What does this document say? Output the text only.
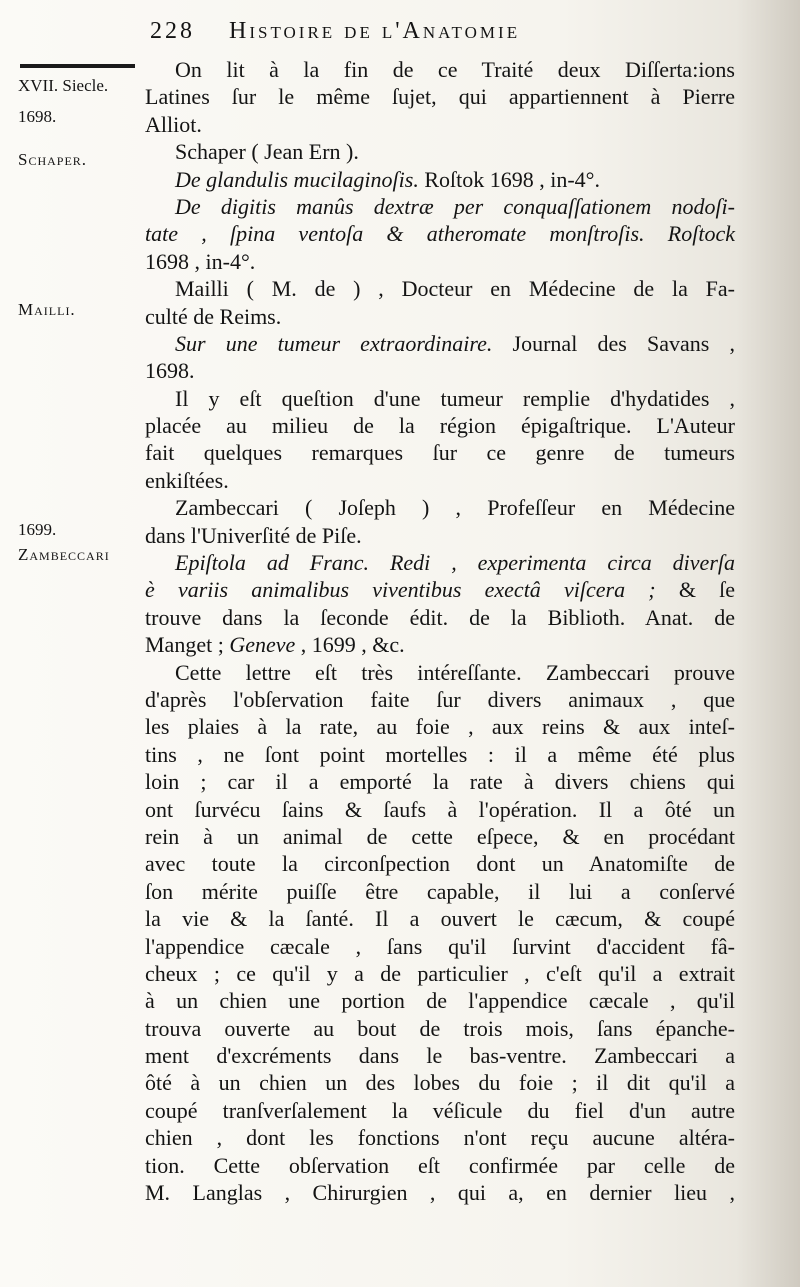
228 Histoire de l'Anatomie
XVII. Siecle.
1698.
Schaper.
Mailli.
1699.
Zambeccari
On lit à la fin de ce Traité deux Diſſerta:ions
Latines ſur le même ſujet, qui appartiennent à Pierre
Alliot.
Schaper ( Jean Ern ).
De glandulis mucilaginoſis. Roſtok 1698 , in-4°.
De digitis manûs dextræ per conquaſſationem nodoſi-
tate , ſpina ventoſa & atheromate monſtroſis. Roſtock
1698 , in-4°.
Mailli ( M. de ) , Docteur en Médecine de la Fa-
culté de Reims.
Sur une tumeur extraordinaire. Journal des Savans ,
1698.
Il y eſt queſtion d'une tumeur remplie d'hydatides ,
placée au milieu de la région épigaſtrique. L'Auteur
fait quelques remarques ſur ce genre de tumeurs
enkiſtées.
Zambeccari ( Joſeph ) , Profeſſeur en Médecine
dans l'Univerſité de Piſe.
Epiſtola ad Franc. Redi , experimenta circa diverſa
è variis animalibus viventibus exectâ viſcera ; & ſe
trouve dans la ſeconde édit. de la Biblioth. Anat. de
Manget ; Geneve , 1699 , &c.
Cette lettre eſt très intéreſſante. Zambeccari prouve
d'après l'obſervation faite ſur divers animaux , que
les plaies à la rate, au foie , aux reins & aux inteſ-
tins , ne ſont point mortelles : il a même été plus
loin ; car il a emporté la rate à divers chiens qui
ont ſurvécu ſains & ſaufs à l'opération. Il a ôté un
rein à un animal de cette eſpece, & en procédant
avec toute la circonſpection dont un Anatomiſte de
ſon mérite puiſſe être capable, il lui a conſervé
la vie & la ſanté. Il a ouvert le cæcum, & coupé
l'appendice cæcale , ſans qu'il ſurvint d'accident fâ-
cheux ; ce qu'il y a de particulier , c'eſt qu'il a extrait
à un chien une portion de l'appendice cæcale , qu'il
trouva ouverte au bout de trois mois, ſans épanche-
ment d'excréments dans le bas-ventre. Zambeccari a
ôté à un chien un des lobes du foie ; il dit qu'il a
coupé tranſverſalement la véſicule du fiel d'un autre
chien , dont les fonctions n'ont reçu aucune altéra-
tion. Cette obſervation eſt confirmée par celle de
M. Langlas , Chirurgien , qui a, en dernier lieu ,
